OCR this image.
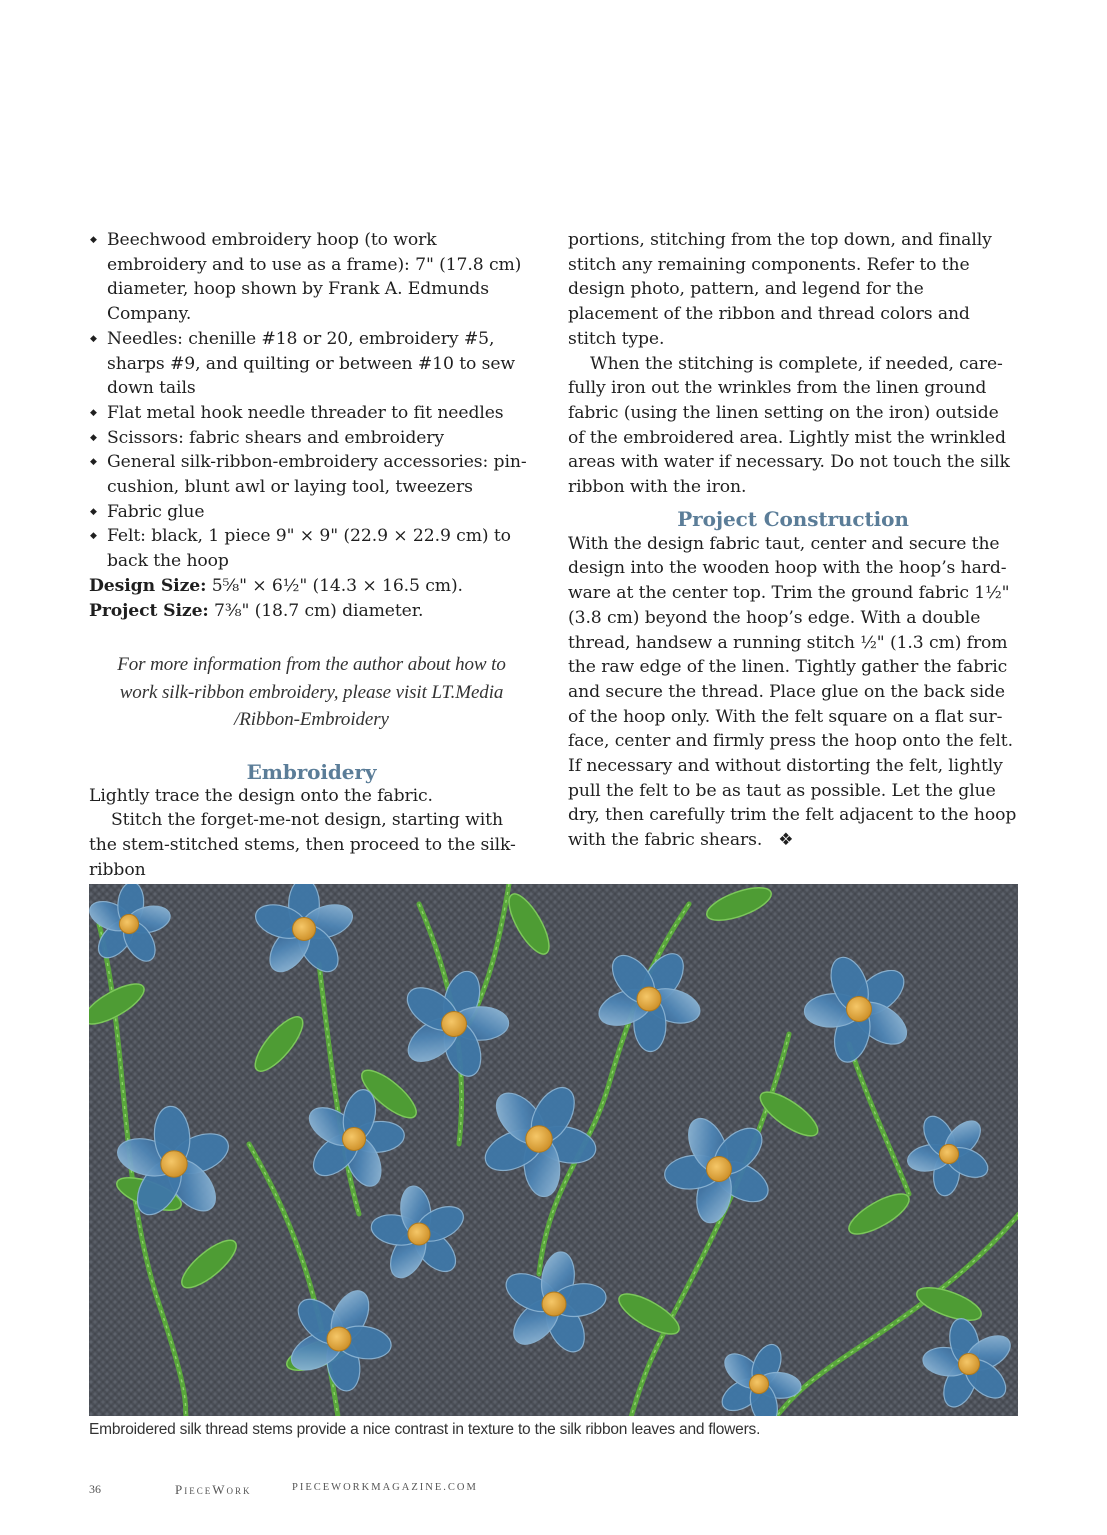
◆ Beechwood embroidery hoop (to work embroidery and to use as a frame): 7" (17.8 cm) diameter, hoop shown by Frank A. Edmunds Company.
◆ Needles: chenille #18 or 20, embroidery #5, sharps #9, and quilting or between #10 to sew down tails
◆ Flat metal hook needle threader to fit needles
◆ Scissors: fabric shears and embroidery
◆ General silk-ribbon-embroidery accessories: pincushion, blunt awl or laying tool, tweezers
◆ Fabric glue
◆ Felt: black, 1 piece 9" × 9" (22.9 × 22.9 cm) to back the hoop

Design Size: 5⅝" × 6½" (14.3 × 16.5 cm).

Project Size: 7⅜" (18.7 cm) diameter.

For more information from the author about how to work silk-ribbon embroidery, please visit LT.Media /Ribbon-Embroidery

Embroidery

Lightly trace the design onto the fabric.

Stitch the forget-me-not design, starting with the stem-stitched stems, then proceed to the silk-ribbon

portions, stitching from the top down, and finally stitch any remaining components. Refer to the design photo, pattern, and legend for the placement of the ribbon and thread colors and stitch type.

When the stitching is complete, if needed, carefully iron out the wrinkles from the linen ground fabric (using the linen setting on the iron) outside of the embroidered area. Lightly mist the wrinkled areas with water if necessary. Do not touch the silk ribbon with the iron.

Project Construction

With the design fabric taut, center and secure the design into the wooden hoop with the hoop’s hardware at the center top. Trim the ground fabric 1½" (3.8 cm) beyond the hoop’s edge. With a double thread, handsew a running stitch ½" (1.3 cm) from the raw edge of the linen. Tightly gather the fabric and secure the thread. Place glue on the back side of the hoop only. With the felt square on a flat surface, center and firmly press the hoop onto the felt. If necessary and without distorting the felt, lightly pull the felt to be as taut as possible. Let the glue dry, then carefully trim the felt adjacent to the hoop with the fabric shears. ❖

Embroidered silk thread stems provide a nice contrast in texture to the silk ribbon leaves and flowers.
36	PieceWork	PIECEWORKMAGAZINE.COM
